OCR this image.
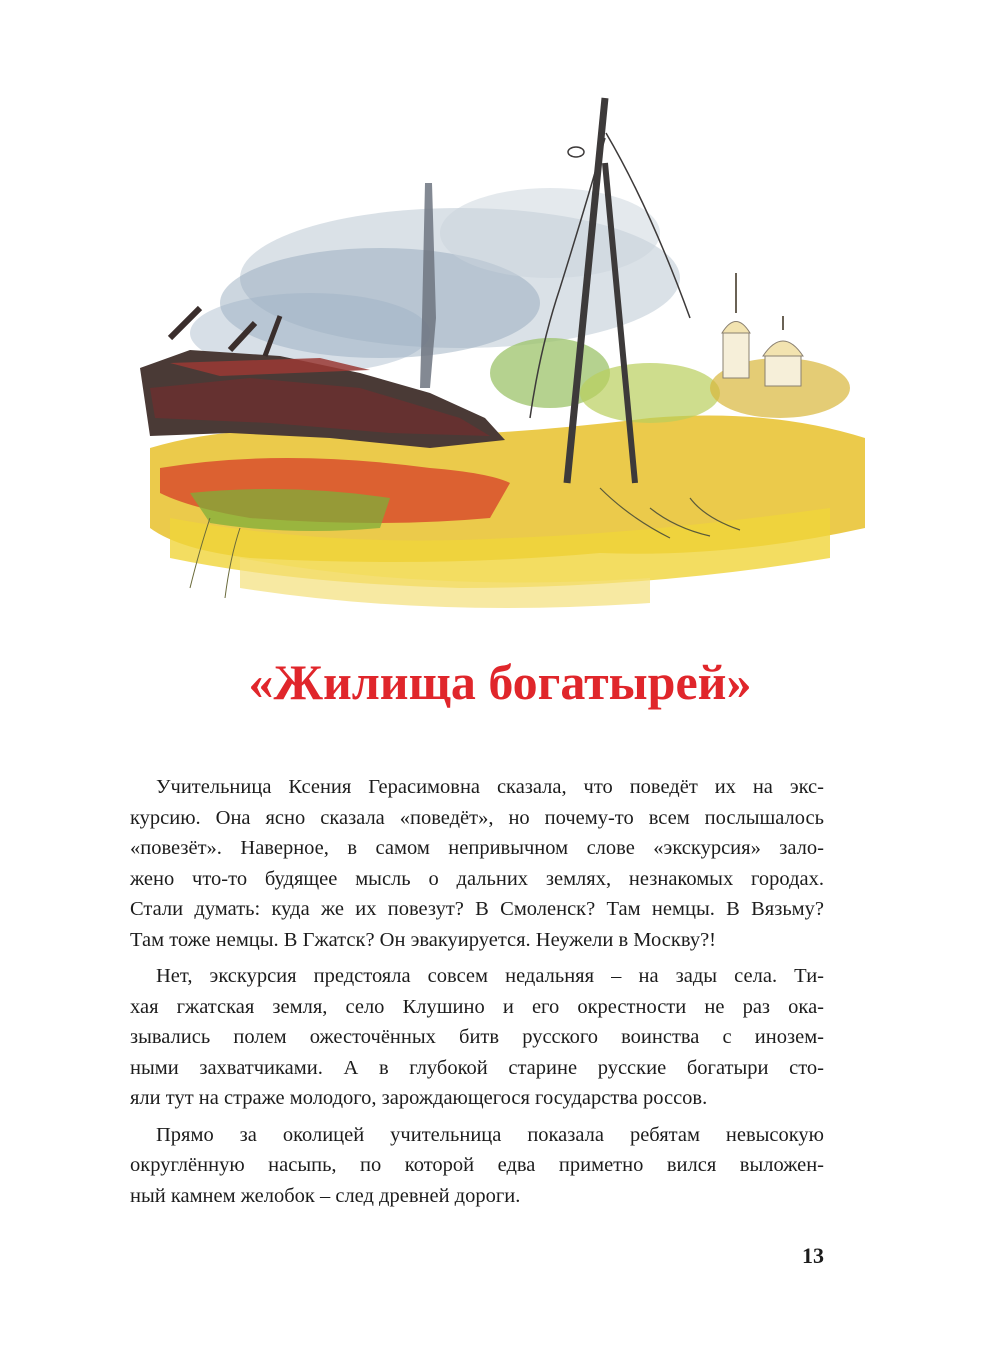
«Жилища богатырей»
Учительница Ксения Герасимовна сказала, что поведёт их на экс-
курсию. Она ясно сказала «поведёт», но почему-то всем послышалось
«повезёт». Наверное, в самом непривычном слове «экскурсия» зало-
жено что-то будящее мысль о дальних землях, незнакомых городах.
Стали думать: куда же их повезут? В Смоленск? Там немцы. В Вязьму?
Там тоже немцы. В Гжатск? Он эвакуируется. Неужели в Москву?!
Нет, экскурсия предстояла совсем недальняя – на зады села. Ти-
хая гжатская земля, село Клушино и его окрестности не раз ока-
зывались полем ожесточённых битв русского воинства с инозем-
ными захватчиками. А в глубокой старине русские богатыри сто-
яли тут на страже молодого, зарождающегося государства россов.
Прямо за околицей учительница показала ребятам невысокую
округлённую насыпь, по которой едва приметно вился выложен-
ный камнем желобок – след древней дороги.
13
